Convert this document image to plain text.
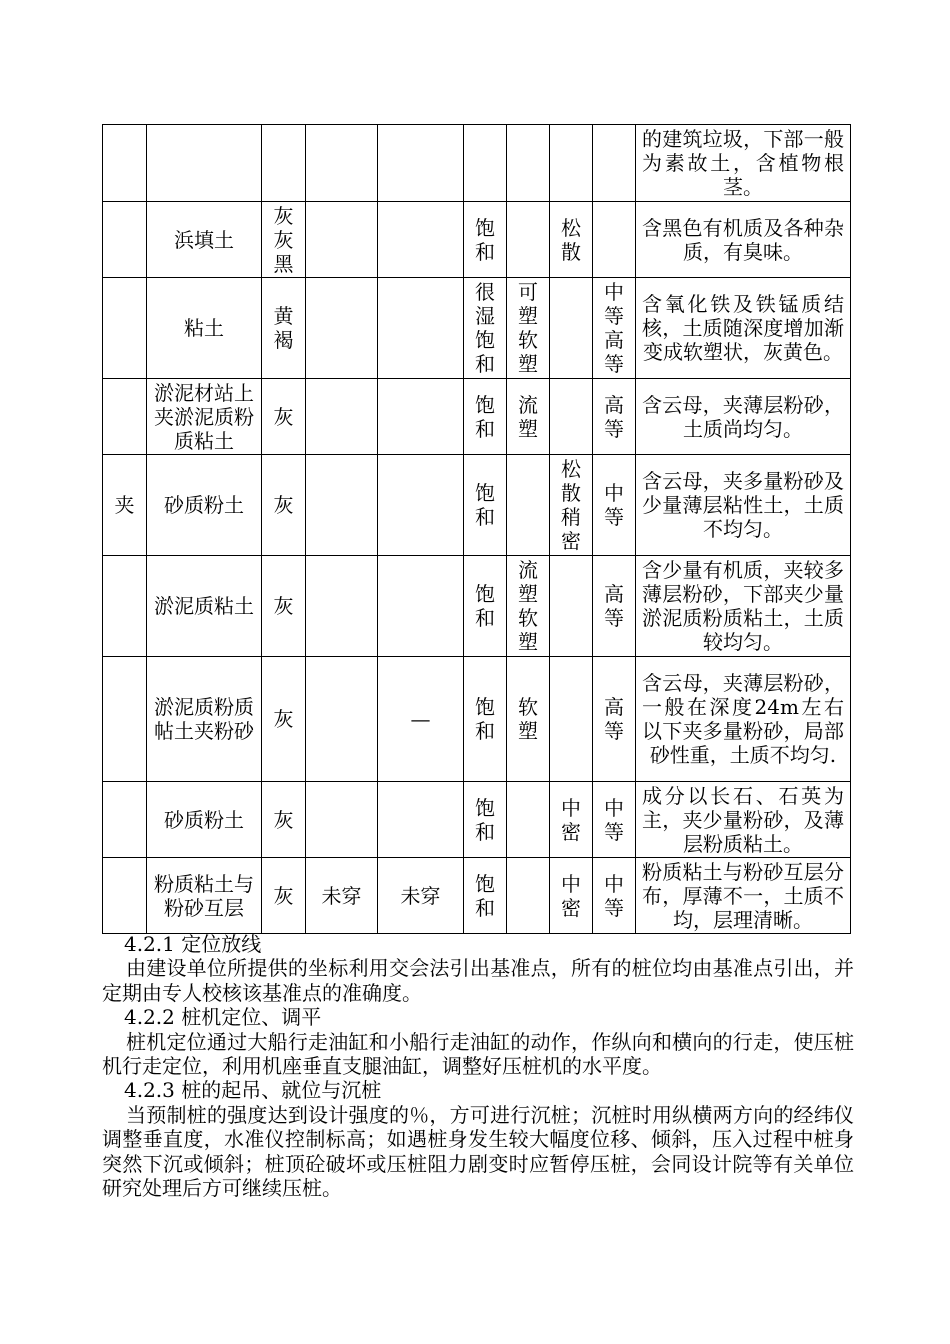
									的建筑垃圾，下部一般为素故土，含植物根茎。
	浜填土	灰灰黑			饱和		松散		含黑色有机质及各种杂质，有臭味。
	粘土	黄褐			很湿饱和	可塑软塑		中等高等	含氧化铁及铁锰质结核，土质随深度增加渐变成软塑状，灰黄色。
	淤泥材站上夹淤泥质粉质粘土	灰			饱和	流塑		高等	含云母，夹薄层粉砂，土质尚均匀。
夹	砂质粉土	灰			饱和		松散稍密	中等	含云母，夹多量粉砂及少量薄层粘性土，土质不均匀。
	淤泥质粘土	灰			饱和	流塑软塑		高等	含少量有机质，夹较多薄层粉砂，下部夹少量淤泥质粉质粘土，土质较均匀。
	淤泥质粉质帖土夹粉砂	灰		—	饱和	软塑		高等	含云母，夹薄层粉砂，一般在深度24m左右以下夹多量粉砂，局部砂性重，土质不均匀.
	砂质粉土	灰			饱和		中密	中等	成分以长石、石英为主，夹少量粉砂，及薄层粉质粘土。
	粉质粘土与粉砂互层	灰	未穿	未穿	饱和		中密	中等	粉质粘土与粉砂互层分布，厚薄不一，土质不均，层理清晰。

4.2.1 定位放线

由建设单位所提供的坐标利用交会法引出基准点，所有的桩位均由基准点引出，并定期由专人校核该基准点的准确度。

4.2.2 桩机定位、调平

桩机定位通过大船行走油缸和小船行走油缸的动作，作纵向和横向的行走，使压桩机行走定位，利用机座垂直支腿油缸，调整好压桩机的水平度。

4.2.3 桩的起吊、就位与沉桩

当预制桩的强度达到设计强度的％，方可进行沉桩；沉桩时用纵横两方向的经纬仪调整垂直度，水准仪控制标高；如遇桩身发生较大幅度位移、倾斜，压入过程中桩身突然下沉或倾斜；桩顶砼破坏或压桩阻力剧变时应暂停压桩，会同设计院等有关单位研究处理后方可继续压桩。
